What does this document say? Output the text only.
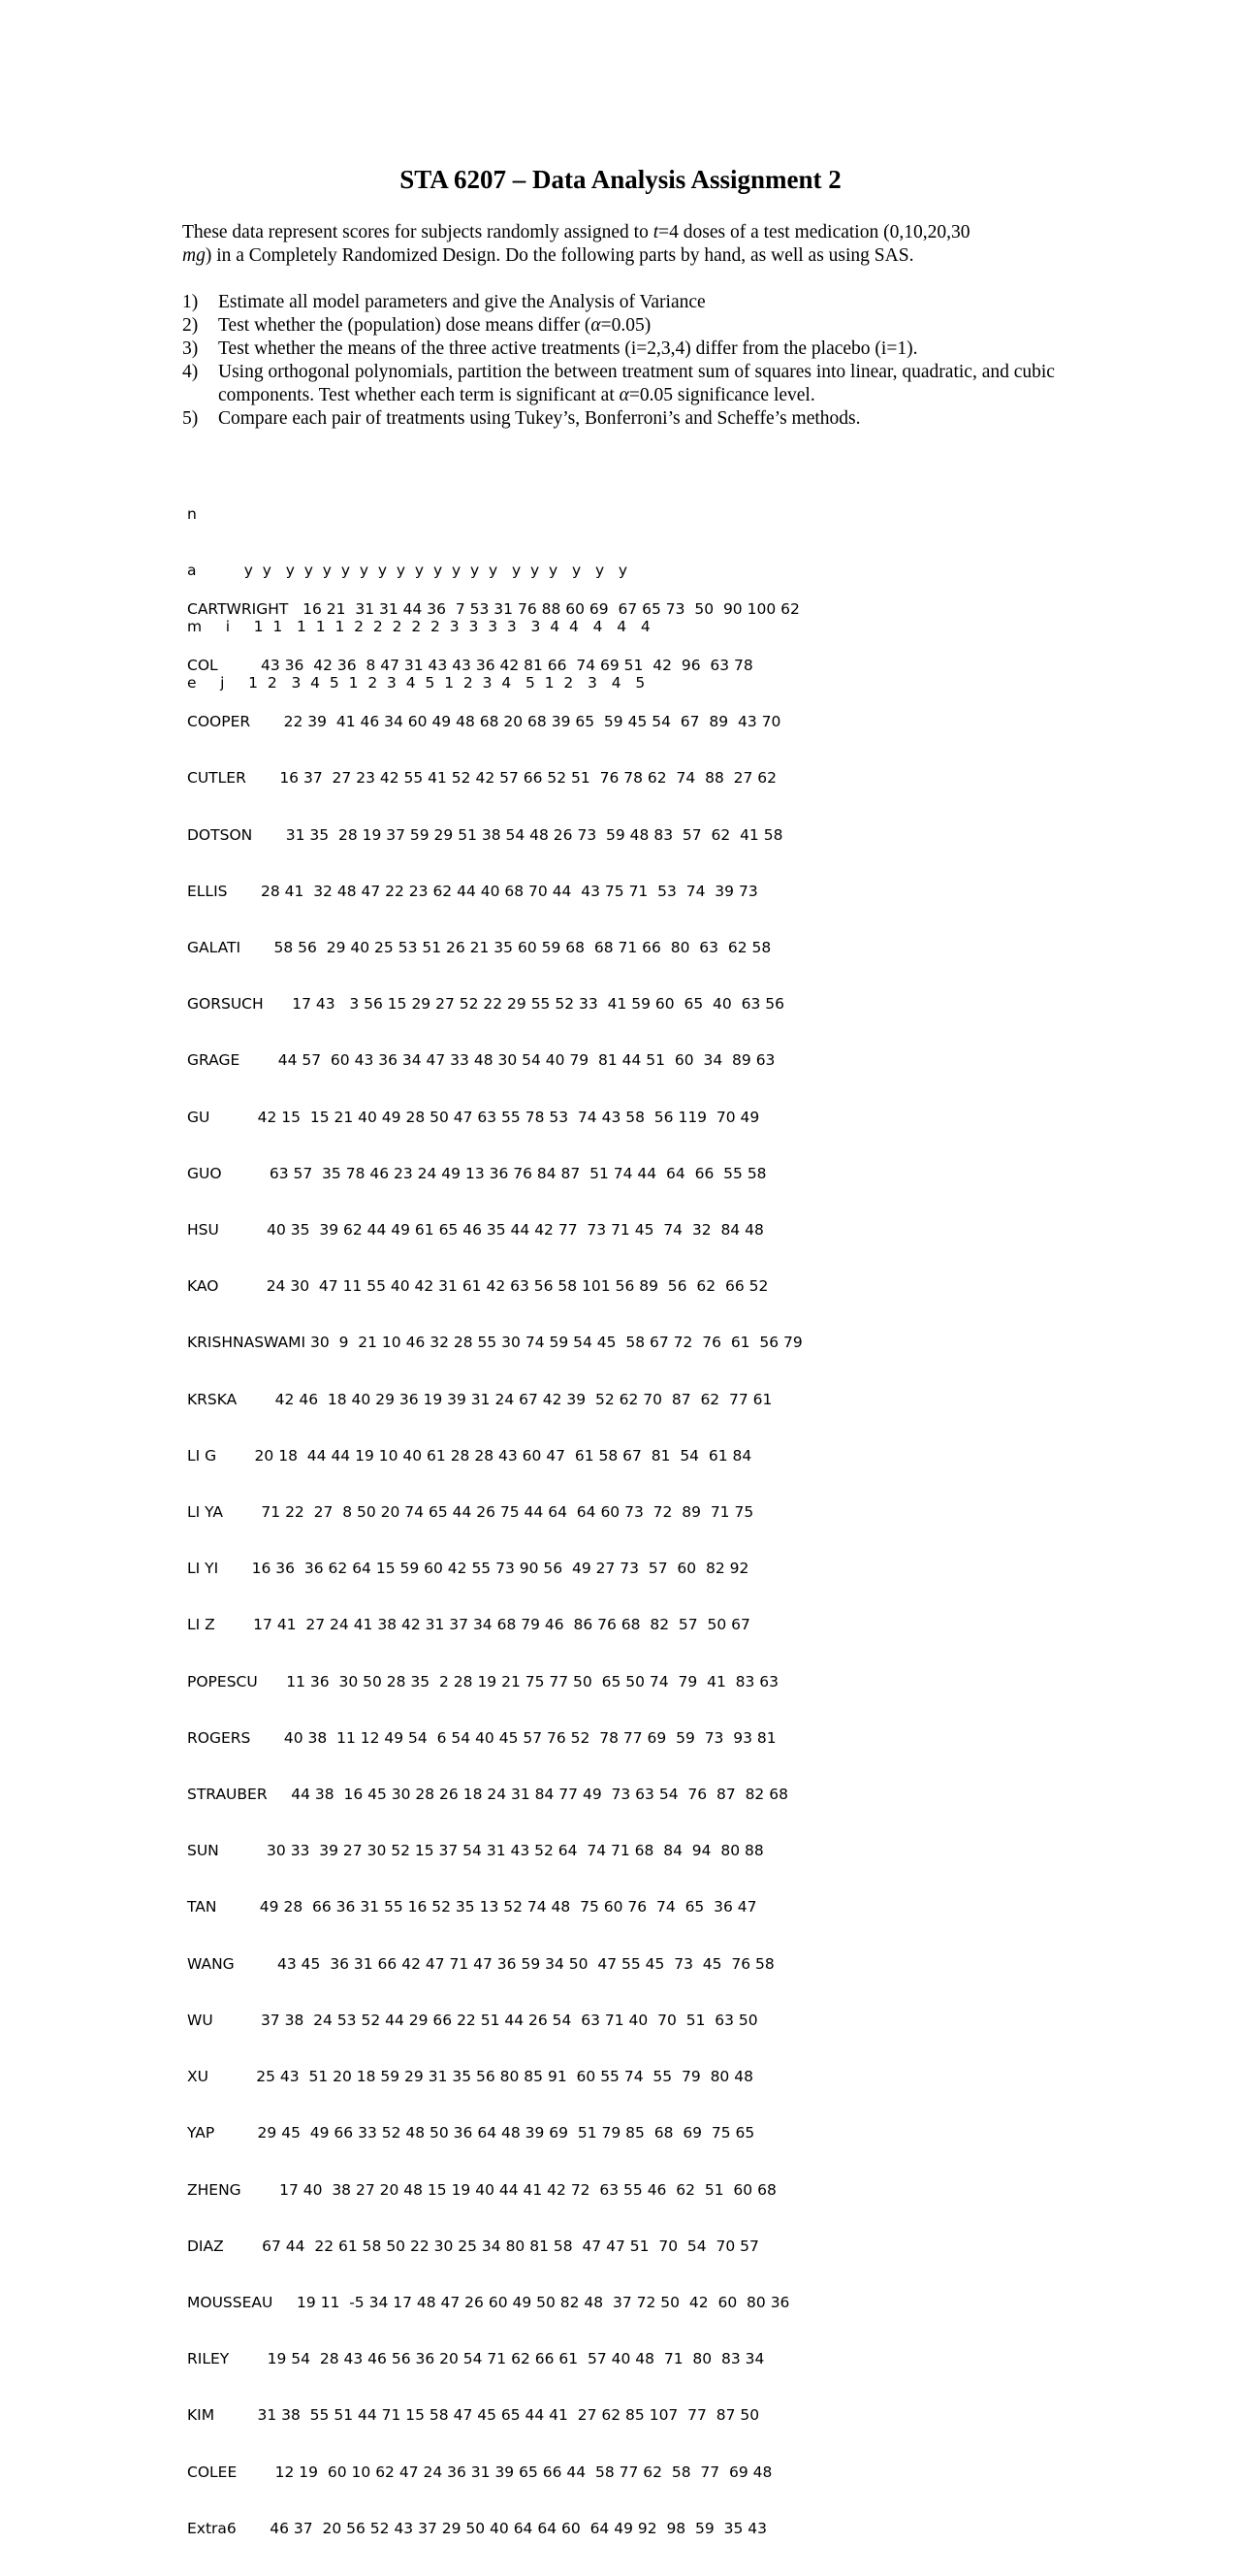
STA 6207 – Data Analysis Assignment 2
These data represent scores for subjects randomly assigned to t=4 doses of a test medication (0,10,20,30
mg) in a Completely Randomized Design. Do the following parts by hand, as well as using SAS.
1) Estimate all model parameters and give the Analysis of Variance
2) Test whether the (population) dose means differ (α=0.05)
3) Test whether the means of the three active treatments (i=2,3,4) differ from the placebo (i=1).
4) Using orthogonal polynomials, partition the between treatment sum of squares into linear, quadratic, and cubic components. Test whether each term is significant at α=0.05 significance level.
5) Compare each pair of treatments using Tukey’s, Bonferroni’s and Scheffe’s methods.

n

a          y  y   y  y  y  y  y  y  y  y  y  y  y  y   y  y  y   y   y   y

m     i     1  1   1  1  1  2  2  2  2  2  3  3  3  3   3  4  4   4   4   4

e     j     1  2   3  4  5  1  2  3  4  5  1  2  3  4   5  1  2   3   4   5

CARTWRIGHT   16 21  31 31 44 36  7 53 31 76 88 60 69  67 65 73  50  90 100 62

COL         43 36  42 36  8 47 31 43 43 36 42 81 66  74 69 51  42  96  63 78

COOPER       22 39  41 46 34 60 49 48 68 20 68 39 65  59 45 54  67  89  43 70

CUTLER       16 37  27 23 42 55 41 52 42 57 66 52 51  76 78 62  74  88  27 62

DOTSON       31 35  28 19 37 59 29 51 38 54 48 26 73  59 48 83  57  62  41 58

ELLIS       28 41  32 48 47 22 23 62 44 40 68 70 44  43 75 71  53  74  39 73

GALATI       58 56  29 40 25 53 51 26 21 35 60 59 68  68 71 66  80  63  62 58

GORSUCH      17 43   3 56 15 29 27 52 22 29 55 52 33  41 59 60  65  40  63 56

GRAGE        44 57  60 43 36 34 47 33 48 30 54 40 79  81 44 51  60  34  89 63

GU          42 15  15 21 40 49 28 50 47 63 55 78 53  74 43 58  56 119  70 49

GUO          63 57  35 78 46 23 24 49 13 36 76 84 87  51 74 44  64  66  55 58

HSU          40 35  39 62 44 49 61 65 46 35 44 42 77  73 71 45  74  32  84 48

KAO          24 30  47 11 55 40 42 31 61 42 63 56 58 101 56 89  56  62  66 52

KRISHNASWAMI 30  9  21 10 46 32 28 55 30 74 59 54 45  58 67 72  76  61  56 79

KRSKA        42 46  18 40 29 36 19 39 31 24 67 42 39  52 62 70  87  62  77 61

LI G        20 18  44 44 19 10 40 61 28 28 43 60 47  61 58 67  81  54  61 84

LI YA        71 22  27  8 50 20 74 65 44 26 75 44 64  64 60 73  72  89  71 75

LI YI       16 36  36 62 64 15 59 60 42 55 73 90 56  49 27 73  57  60  82 92

LI Z        17 41  27 24 41 38 42 31 37 34 68 79 46  86 76 68  82  57  50 67

POPESCU      11 36  30 50 28 35  2 28 19 21 75 77 50  65 50 74  79  41  83 63

ROGERS       40 38  11 12 49 54  6 54 40 45 57 76 52  78 77 69  59  73  93 81

STRAUBER     44 38  16 45 30 28 26 18 24 31 84 77 49  73 63 54  76  87  82 68

SUN          30 33  39 27 30 52 15 37 54 31 43 52 64  74 71 68  84  94  80 88

TAN         49 28  66 36 31 55 16 52 35 13 52 74 48  75 60 76  74  65  36 47

WANG         43 45  36 31 66 42 47 71 47 36 59 34 50  47 55 45  73  45  76 58

WU          37 38  24 53 52 44 29 66 22 51 44 26 54  63 71 40  70  51  63 50

XU          25 43  51 20 18 59 29 31 35 56 80 85 91  60 55 74  55  79  80 48

YAP         29 45  49 66 33 52 48 50 36 64 48 39 69  51 79 85  68  69  75 65

ZHENG        17 40  38 27 20 48 15 19 40 44 41 42 72  63 55 46  62  51  60 68

DIAZ        67 44  22 61 58 50 22 30 25 34 80 81 58  47 47 51  70  54  70 57

MOUSSEAU     19 11  -5 34 17 48 47 26 60 49 50 82 48  37 72 50  42  60  80 36

RILEY        19 54  28 43 46 56 36 20 54 71 62 66 61  57 40 48  71  80  83 34

KIM         31 38  55 51 44 71 15 58 47 45 65 44 41  27 62 85 107  77  87 50

COLEE        12 19  60 10 62 47 24 36 31 39 65 66 44  58 77 62  58  77  69 48

Extra6       46 37  20 56 52 43 37 29 50 40 64 64 60  64 49 92  98  59  35 43
